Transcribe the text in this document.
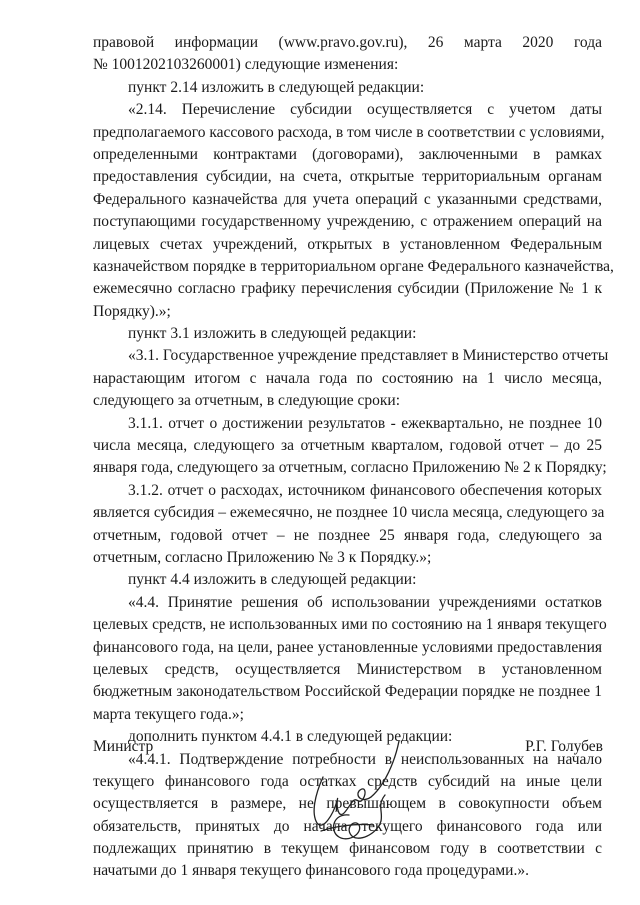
правовой информации (www.pravo.gov.ru), 26 марта 2020 года
№ 1001202103260001) следующие изменения:
пункт 2.14 изложить в следующей редакции:
«2.14. Перечисление субсидии осуществляется с учетом даты
предполагаемого кассового расхода, в том числе в соответствии с условиями,
определенными контрактами (договорами), заключенными в рамках
предоставления субсидии, на счета, открытые территориальным органам
Федерального казначейства для учета операций с указанными средствами,
поступающими государственному учреждению, с отражением операций на
лицевых счетах учреждений, открытых в установленном Федеральным
казначейством порядке в территориальном органе Федерального казначейства,
ежемесячно согласно графику перечисления субсидии (Приложение № 1 к
Порядку).»;
пункт 3.1 изложить в следующей редакции:
«3.1. Государственное учреждение представляет в Министерство отчеты
нарастающим итогом с начала года по состоянию на 1 число месяца,
следующего за отчетным, в следующие сроки:
3.1.1. отчет о достижении результатов - ежеквартально, не позднее 10
числа месяца, следующего за отчетным кварталом, годовой отчет – до 25
января года, следующего за отчетным, согласно Приложению № 2 к Порядку;
3.1.2. отчет о расходах, источником финансового обеспечения которых
является субсидия – ежемесячно, не позднее 10 числа месяца, следующего за
отчетным, годовой отчет – не позднее 25 января года, следующего за
отчетным, согласно Приложению № 3 к Порядку.»;
пункт 4.4 изложить в следующей редакции:
«4.4. Принятие решения об использовании учреждениями остатков
целевых средств, не использованных ими по состоянию на 1 января текущего
финансового года, на цели, ранее установленные условиями предоставления
целевых средств, осуществляется Министерством в установленном
бюджетным законодательством Российской Федерации порядке не позднее 1
марта текущего года.»;
дополнить пунктом 4.4.1 в следующей редакции:
«4.4.1. Подтверждение потребности в неиспользованных на начало
текущего финансового года остатках средств субсидий на иные цели
осуществляется в размере, не превышающем в совокупности объем
обязательств, принятых до начала текущего финансового года или
подлежащих принятию в текущем финансовом году в соответствии с
начатыми до 1 января текущего финансового года процедурами.».
Министр	Р.Г. Голубев
